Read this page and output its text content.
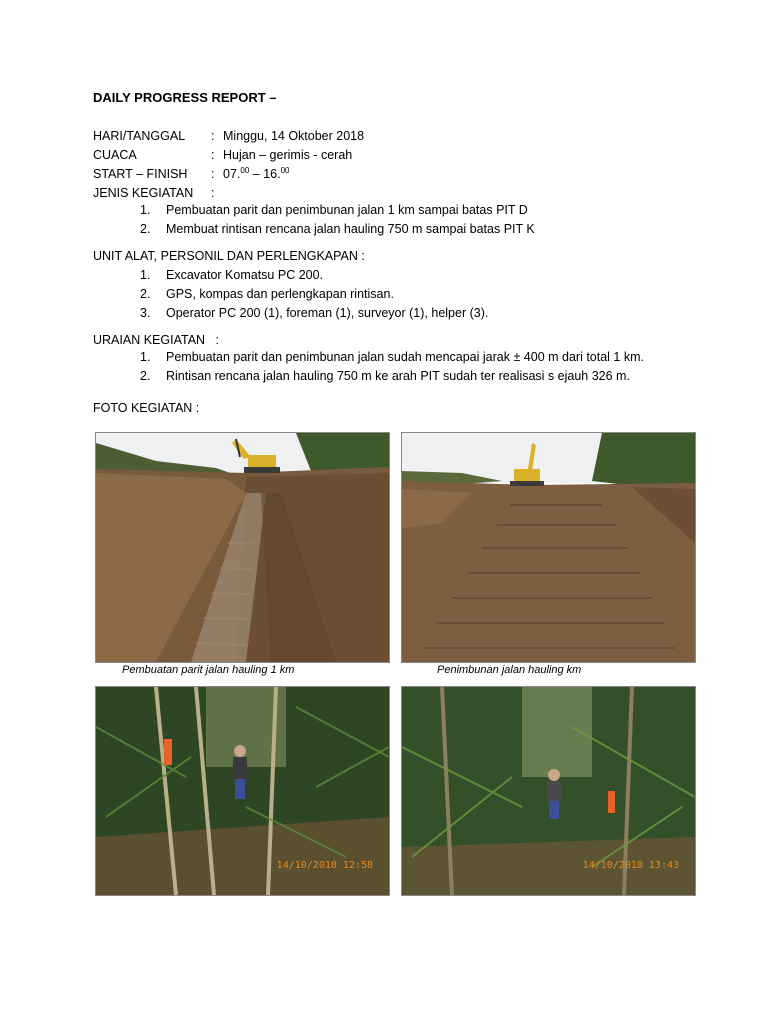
DAILY PROGRESS REPORT –
HARI/TANGGAL	: Minggu, 14 Oktober 2018
CUACA	: Hujan – gerimis - cerah
START – FINISH	: 07.00 – 16.00
JENIS KEGIATAN	:
1. Pembuatan parit dan penimbunan jalan 1 km sampai batas PIT D
2. Membuat rintisan rencana jalan hauling 750 m sampai batas PIT K
UNIT ALAT, PERSONIL DAN PERLENGKAPAN :
1. Excavator Komatsu PC 200.
2. GPS, kompas dan perlengkapan rintisan.
3. Operator PC 200 (1), foreman (1), surveyor (1), helper (3).
URAIAN KEGIATAN   :
1. Pembuatan parit dan penimbunan jalan sudah mencapai jarak ± 400 m dari total 1 km.
2. Rintisan rencana jalan hauling 750 m ke arah PIT sudah ter realisasi s ejauh 326 m.
FOTO KEGIATAN :
Pembuatan parit jalan hauling 1 km	Penimbunan jalan hauling km
14/10/2018 12:58	14/10/2018 13:43
